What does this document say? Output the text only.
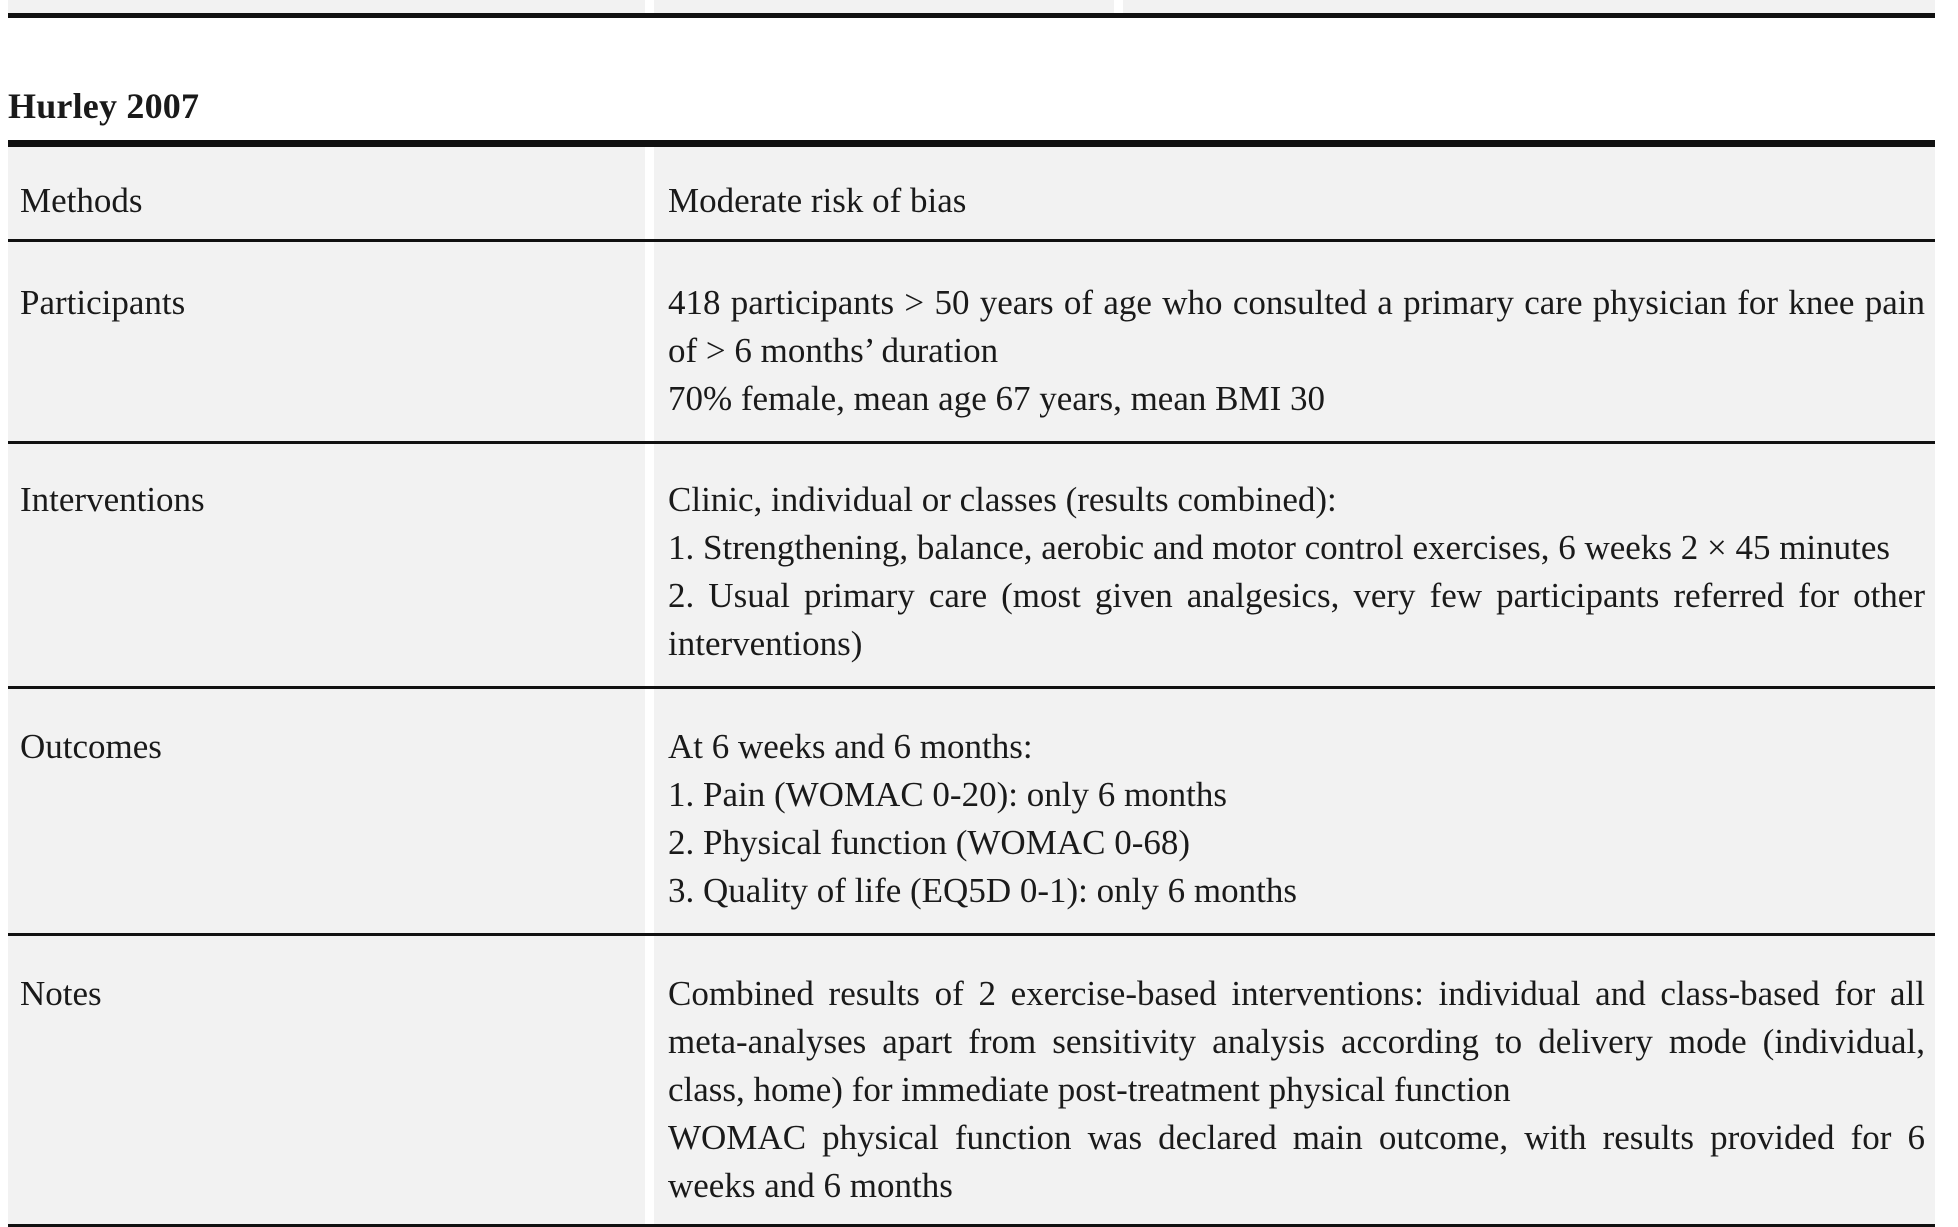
Hurley 2007
Methods	Moderate risk of bias
Participants	418 participants > 50 years of age who consulted a primary care physician for knee pain of > 6 months’ duration
70% female, mean age 67 years, mean BMI 30
Interventions	Clinic, individual or classes (results combined):
1. Strengthening, balance, aerobic and motor control exercises, 6 weeks 2 × 45 minutes
2. Usual primary care (most given analgesics, very few participants referred for other interventions)
Outcomes	At 6 weeks and 6 months:
1. Pain (WOMAC 0-20): only 6 months
2. Physical function (WOMAC 0-68)
3. Quality of life (EQ5D 0-1): only 6 months
Notes	Combined results of 2 exercise-based interventions: individual and class-based for all meta-analyses apart from sensitivity analysis according to delivery mode (individual, class, home) for immediate post-treatment physical function
WOMAC physical function was declared main outcome, with results provided for 6 weeks and 6 months
